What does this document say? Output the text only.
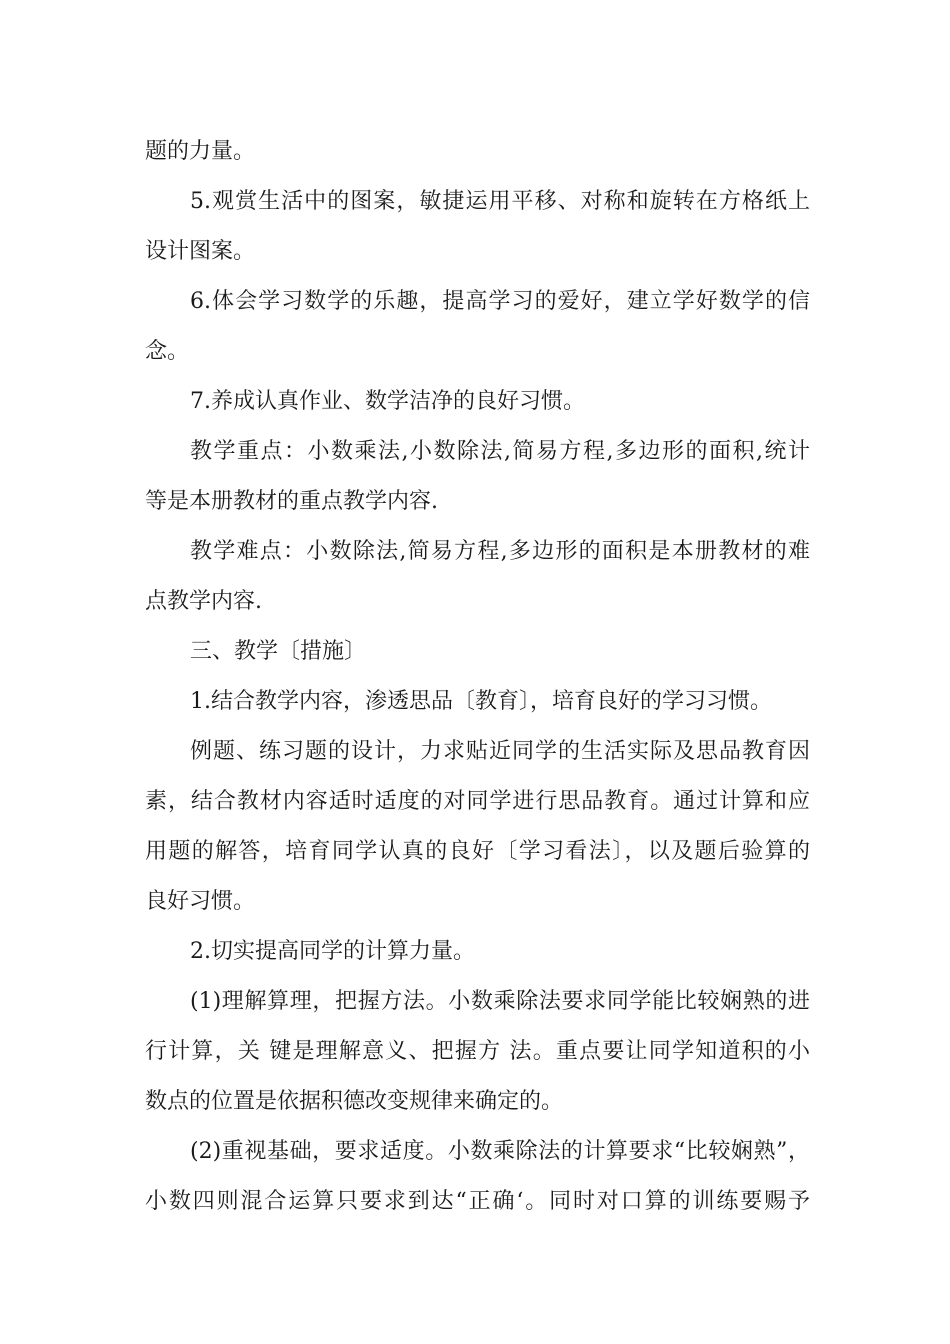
题的力量。
5.观赏生活中的图案，敏捷运用平移、对称和旋转在方格纸上
设计图案。
6.体会学习数学的乐趣，提高学习的爱好，建立学好数学的信
念。
7.养成认真作业、数学洁净的良好习惯。
教学重点：小数乘法,小数除法,简易方程,多边形的面积,统计
等是本册教材的重点教学内容.
教学难点：小数除法,简易方程,多边形的面积是本册教材的难
点教学内容.
三、教学〔措施〕
1.结合教学内容，渗透思品〔教育〕，培育良好的学习习惯。
例题、练习题的设计，力求贴近同学的生活实际及思品教育因
素，结合教材内容适时适度的对同学进行思品教育。通过计算和应
用题的解答，培育同学认真的良好〔学习看法〕，以及题后验算的
良好习惯。
2.切实提高同学的计算力量。
(1)理解算理，把握方法。小数乘除法要求同学能比较娴熟的进
行计算，关 键是理解意义、把握方 法。重点要让同学知道积的小
数点的位置是依据积德改变规律来确定的。
(2)重视基础，要求适度。小数乘除法的计算要求“比较娴熟”，
小数四则混合运算只要求到达“正确‘。同时对口算的训练要赐予
